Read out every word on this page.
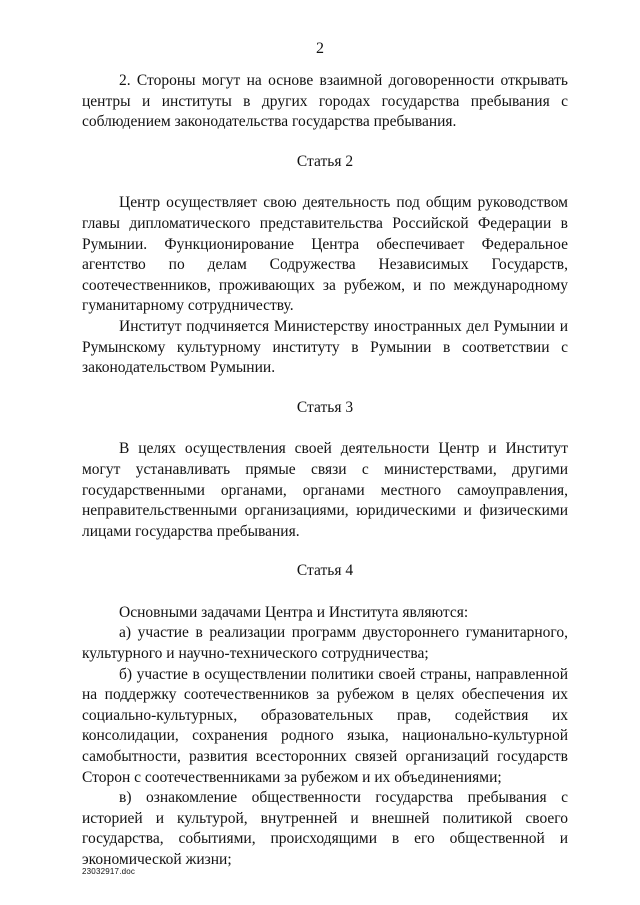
2

2. Стороны могут на основе взаимной договоренности открывать центры и институты в других городах государства пребывания с соблюдением законодательства государства пребывания.

Статья 2

Центр осуществляет свою деятельность под общим руководством главы дипломатического представительства Российской Федерации в Румынии. Функционирование Центра обеспечивает Федеральное агентство по делам Содружества Независимых Государств, соотечественников, проживающих за рубежом, и по международному гуманитарному сотрудничеству.

Институт подчиняется Министерству иностранных дел Румынии и Румынскому культурному институту в Румынии в соответствии с законодательством Румынии.

Статья 3

В целях осуществления своей деятельности Центр и Институт могут устанавливать прямые связи с министерствами, другими государственными органами, органами местного самоуправления, неправительственными организациями, юридическими и физическими лицами государства пребывания.

Статья 4

Основными задачами Центра и Института являются:

а) участие в реализации программ двустороннего гуманитарного, культурного и научно-технического сотрудничества;

б) участие в осуществлении политики своей страны, направленной на поддержку соотечественников за рубежом в целях обеспечения их социально-культурных, образовательных прав, содействия их консолидации, сохранения родного языка, национально-культурной самобытности, развития всесторонних связей организаций государств Сторон с соотечественниками за рубежом и их объединениями;

в) ознакомление общественности государства пребывания с историей и культурой, внутренней и внешней политикой своего государства, событиями, происходящими в его общественной и экономической жизни;

23032917.doc
